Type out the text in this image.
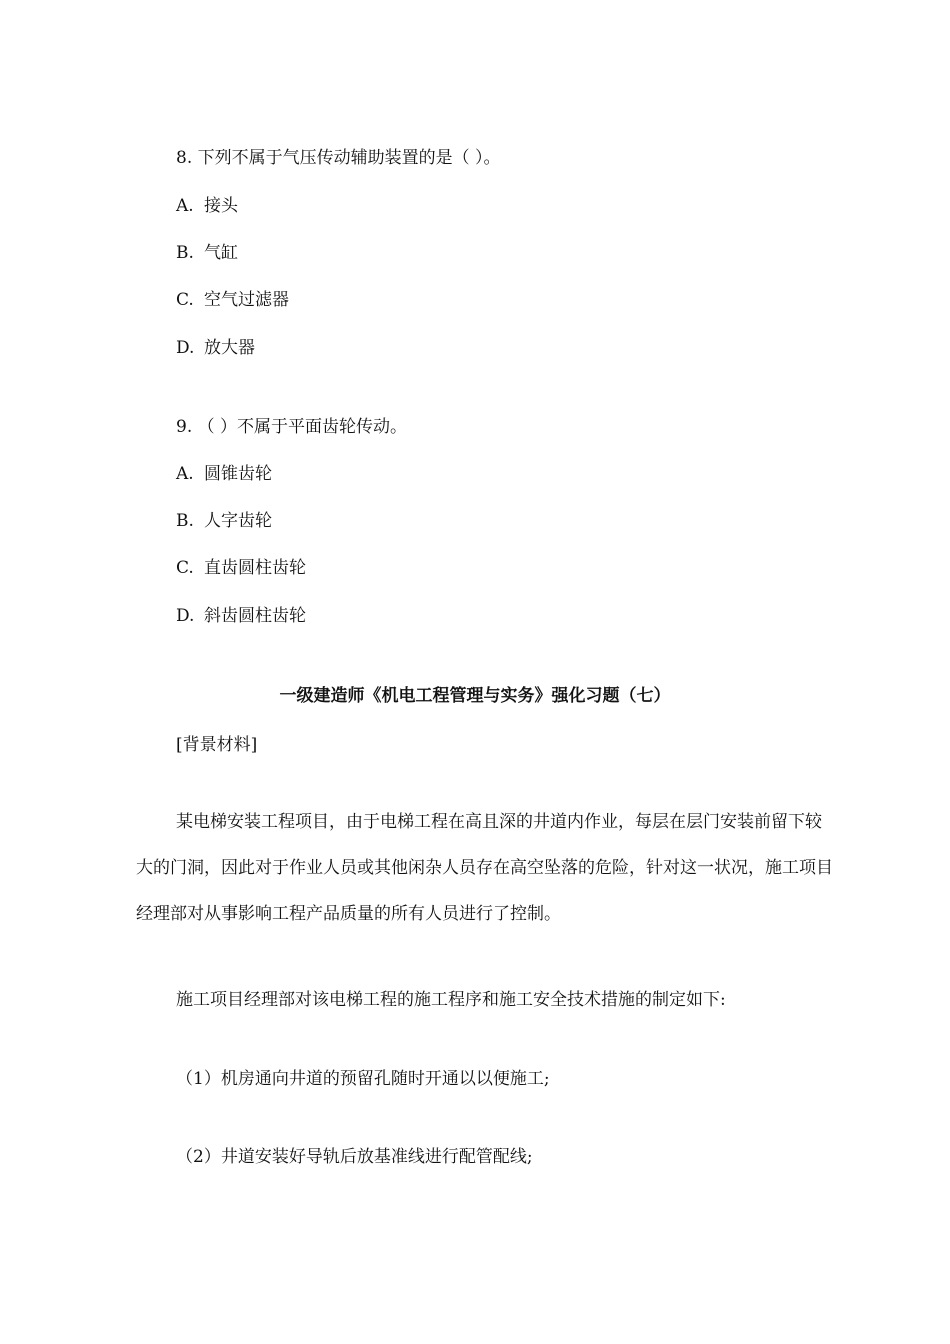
8. 下列不属于气压传动辅助装置的是（ ）。
A. 接头
B. 气缸
C. 空气过滤器
D. 放大器
9. （ ）不属于平面齿轮传动。
A. 圆锥齿轮
B. 人字齿轮
C. 直齿圆柱齿轮
D. 斜齿圆柱齿轮
一级建造师《机电工程管理与实务》强化习题（七）
[背景材料]
某电梯安装工程项目，由于电梯工程在高且深的井道内作业，每层在层门安装前留下较大的门洞，因此对于作业人员或其他闲杂人员存在高空坠落的危险，针对这一状况，施工项目经理部对从事影响工程产品质量的所有人员进行了控制。
施工项目经理部对该电梯工程的施工程序和施工安全技术措施的制定如下:
（1）机房通向井道的预留孔随时开通以以便施工;
（2）井道安装好导轨后放基准线进行配管配线;
